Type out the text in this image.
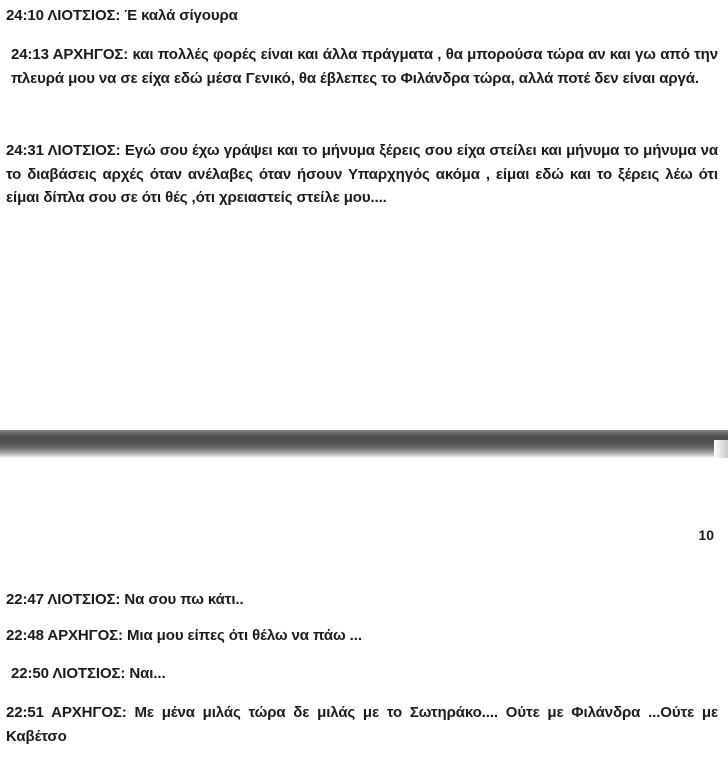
24:10 ΛΙΟΤΣΙΟΣ: Έ καλά σίγουρα

24:13 ΑΡΧΗΓΟΣ: και πολλές φορές είναι και άλλα πράγματα , θα μπορούσα τώρα αν και γω από την πλευρά μου να σε είχα εδώ μέσα Γενικό, θα έβλεπες το Φιλάνδρα τώρα, αλλά ποτέ δεν είναι αργά.

24:31 ΛΙΟΤΣΙΟΣ: Εγώ σου έχω γράψει και το μήνυμα ξέρεις σου είχα στείλει και μήνυμα το μήνυμα να το διαβάσεις αρχές όταν ανέλαβες όταν ήσουν Υπαρχηγός ακόμα , είμαι εδώ και το ξέρεις λέω ότι είμαι δίπλα σου σε ότι θές ,ότι χρειαστείς στείλε μου....

10

22:47 ΛΙΟΤΣΙΟΣ: Να σου πω κάτι..

22:48 ΑΡΧΗΓΟΣ: Μια μου είπες ότι θέλω να πάω ...

22:50 ΛΙΟΤΣΙΟΣ: Ναι...

22:51 ΑΡΧΗΓΟΣ: Με μένα μιλάς τώρα δε μιλάς με το Σωτηράκο.... Ούτε με Φιλάνδρα ...Ούτε με Καβέτσο
